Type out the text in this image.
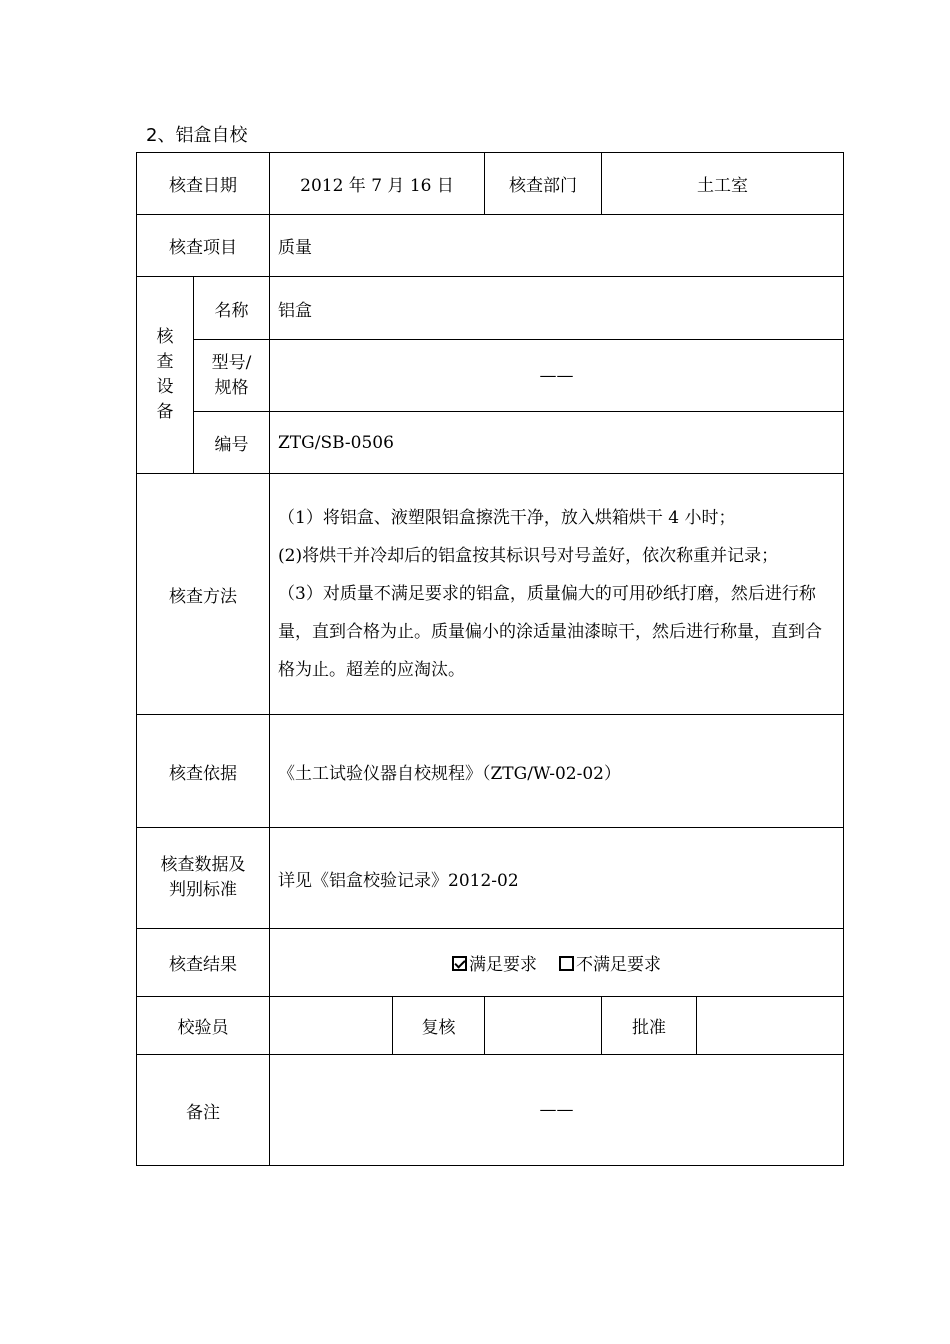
2、铝盒自校
核查日期		2012 年 7 月 16 日		核查部门	土工室	
核查项目		质量				

核
查
设
备	名称	铝盒				

	型号/
规格	——				
	编号	ZTG/SB-0506				
核查方法		（1）将铝盒、液塑限铝盒擦洗干净，放入烘箱烘干 4 小时；

(2)将烘干并冷却后的铝盒按其标识号对号盖好，依次称重并记录；

（3）对质量不满足要求的铝盒，质量偏大的可用砂纸打磨，然后进行称量，直到合格为止。质量偏小的涂适量油漆晾干，然后进行称量，直到合格为止。超差的应淘汰。				

核查依据		《土工试验仪器自校规程》（ZTG/W-02-02）				

核查数据及
判别标准		详见《铝盒校验记录》2012-02				
核查结果		满足要求 不满足要求				
校验员			复核		批准	
备注		——				
